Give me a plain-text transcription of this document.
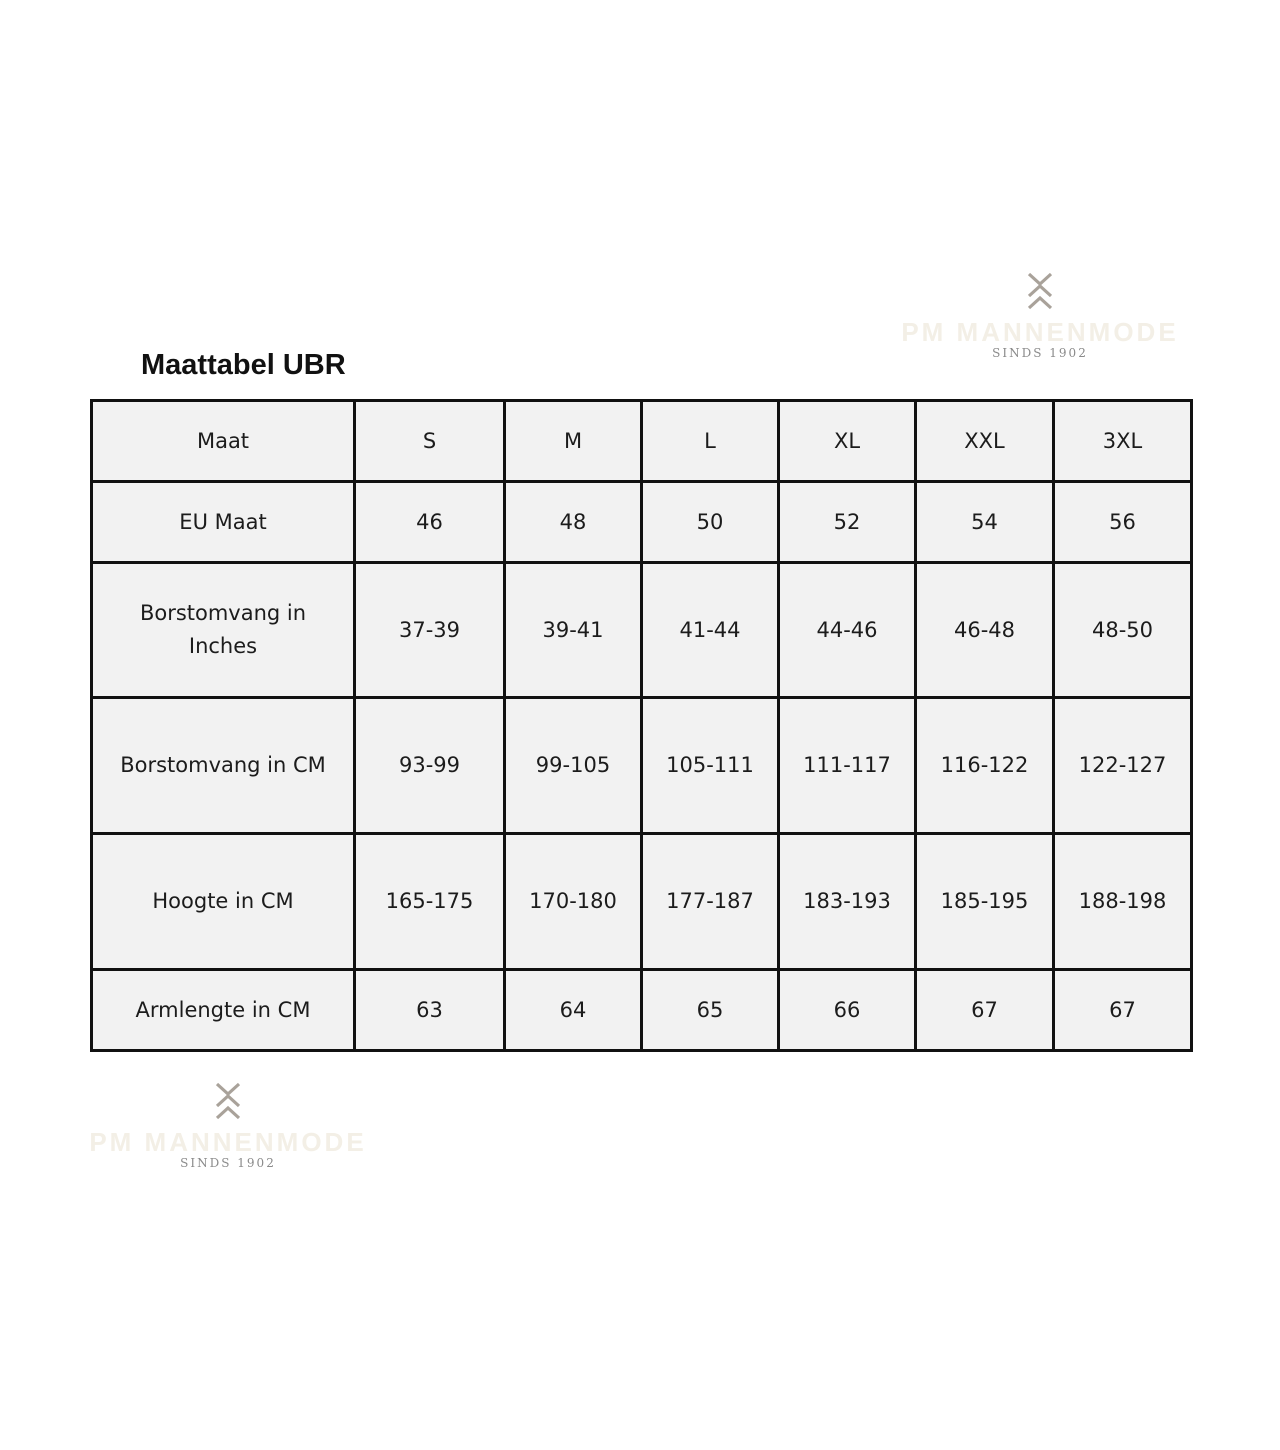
Maattabel UBR
PM MANNENMODE
SINDS 1902
Maat	S	M	L	XL	XXL	3XL
EU Maat	46	48	50	52	54	56
Borstomvang in Inches	37-39	39-41	41-44	44-46	46-48	48-50
Borstomvang in CM	93-99	99-105	105-111	111-117	116-122	122-127
Hoogte in CM	165-175	170-180	177-187	183-193	185-195	188-198
Armlengte in CM	63	64	65	66	67	67
PM MANNENMODE
SINDS 1902
